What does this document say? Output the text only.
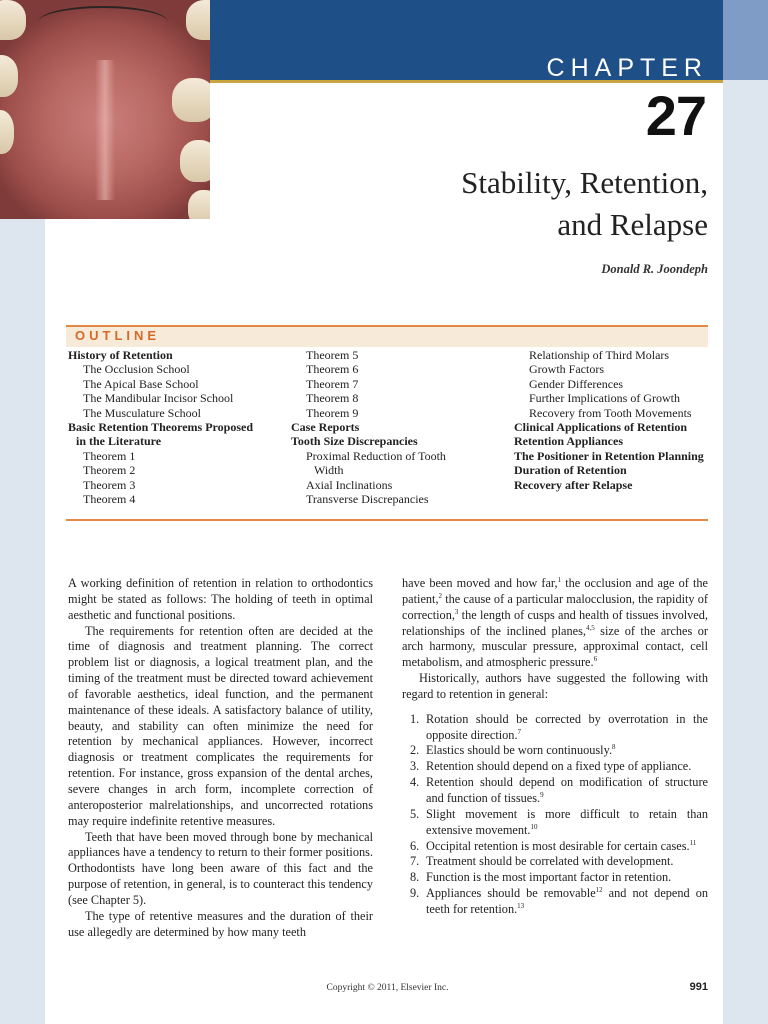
CHAPTER
27
Stability, Retention,
and Relapse
Donald R. Joondeph
OUTLINE
History of Retention
The Occlusion School
The Apical Base School
The Mandibular Incisor School
The Musculature School
Basic Retention Theorems Proposed
in the Literature
Theorem 1
Theorem 2
Theorem 3
Theorem 4
Theorem 5
Theorem 6
Theorem 7
Theorem 8
Theorem 9
Case Reports
Tooth Size Discrepancies
Proximal Reduction of Tooth
Width
Axial Inclinations
Transverse Discrepancies
Relationship of Third Molars
Growth Factors
Gender Differences
Further Implications of Growth
Recovery from Tooth Movements
Clinical Applications of Retention
Retention Appliances
The Positioner in Retention Planning
Duration of Retention
Recovery after Relapse

A working definition of retention in relation to orthodontics might be stated as follows: The holding of teeth in optimal aesthetic and functional positions.

The requirements for retention often are decided at the time of diagnosis and treatment planning. The correct problem list or diagnosis, a logical treatment plan, and the timing of the treatment must be directed toward achievement of favorable aesthetics, ideal function, and the permanent maintenance of these ideals. A satisfactory balance of utility, beauty, and stability can often minimize the need for retention by mechanical appliances. However, incorrect diagnosis or treatment complicates the requirements for retention. For instance, gross expansion of the dental arches, severe changes in arch form, incomplete correction of anteroposterior malrelationships, and uncorrected rotations may require indefinite retentive measures.

Teeth that have been moved through bone by mechanical appliances have a tendency to return to their former positions. Orthodontists have long been aware of this fact and the purpose of retention, in general, is to counteract this tendency (see Chapter 5).

The type of retentive measures and the duration of their use allegedly are determined by how many teeth

have been moved and how far,$^1$ the occlusion and age of the patient,$^2$ the cause of a particular malocclusion, the rapidity of correction,$^3$ the length of cusps and health of tissues involved, relationships of the inclined planes,$^{4,5}$ size of the arches or arch harmony, muscular pressure, approximal contact, cell metabolism, and atmospheric pressure.$^6$

Historically, authors have suggested the following with regard to retention in general:

1. Rotation should be corrected by overrotation in the opposite direction.$^7$
2. Elastics should be worn continuously.$^8$
3. Retention should depend on a fixed type of appliance.
4. Retention should depend on modification of structure and function of tissues.$^9$
5. Slight movement is more difficult to retain than extensive movement.$^{10}$
6. Occipital retention is most desirable for certain cases.$^{11}$
7. Treatment should be correlated with development.
8. Function is the most important factor in retention.
9. Appliances should be removable$^{12}$ and not depend on teeth for retention.$^{13}$
Copyright © 2011, Elsevier Inc.	991
